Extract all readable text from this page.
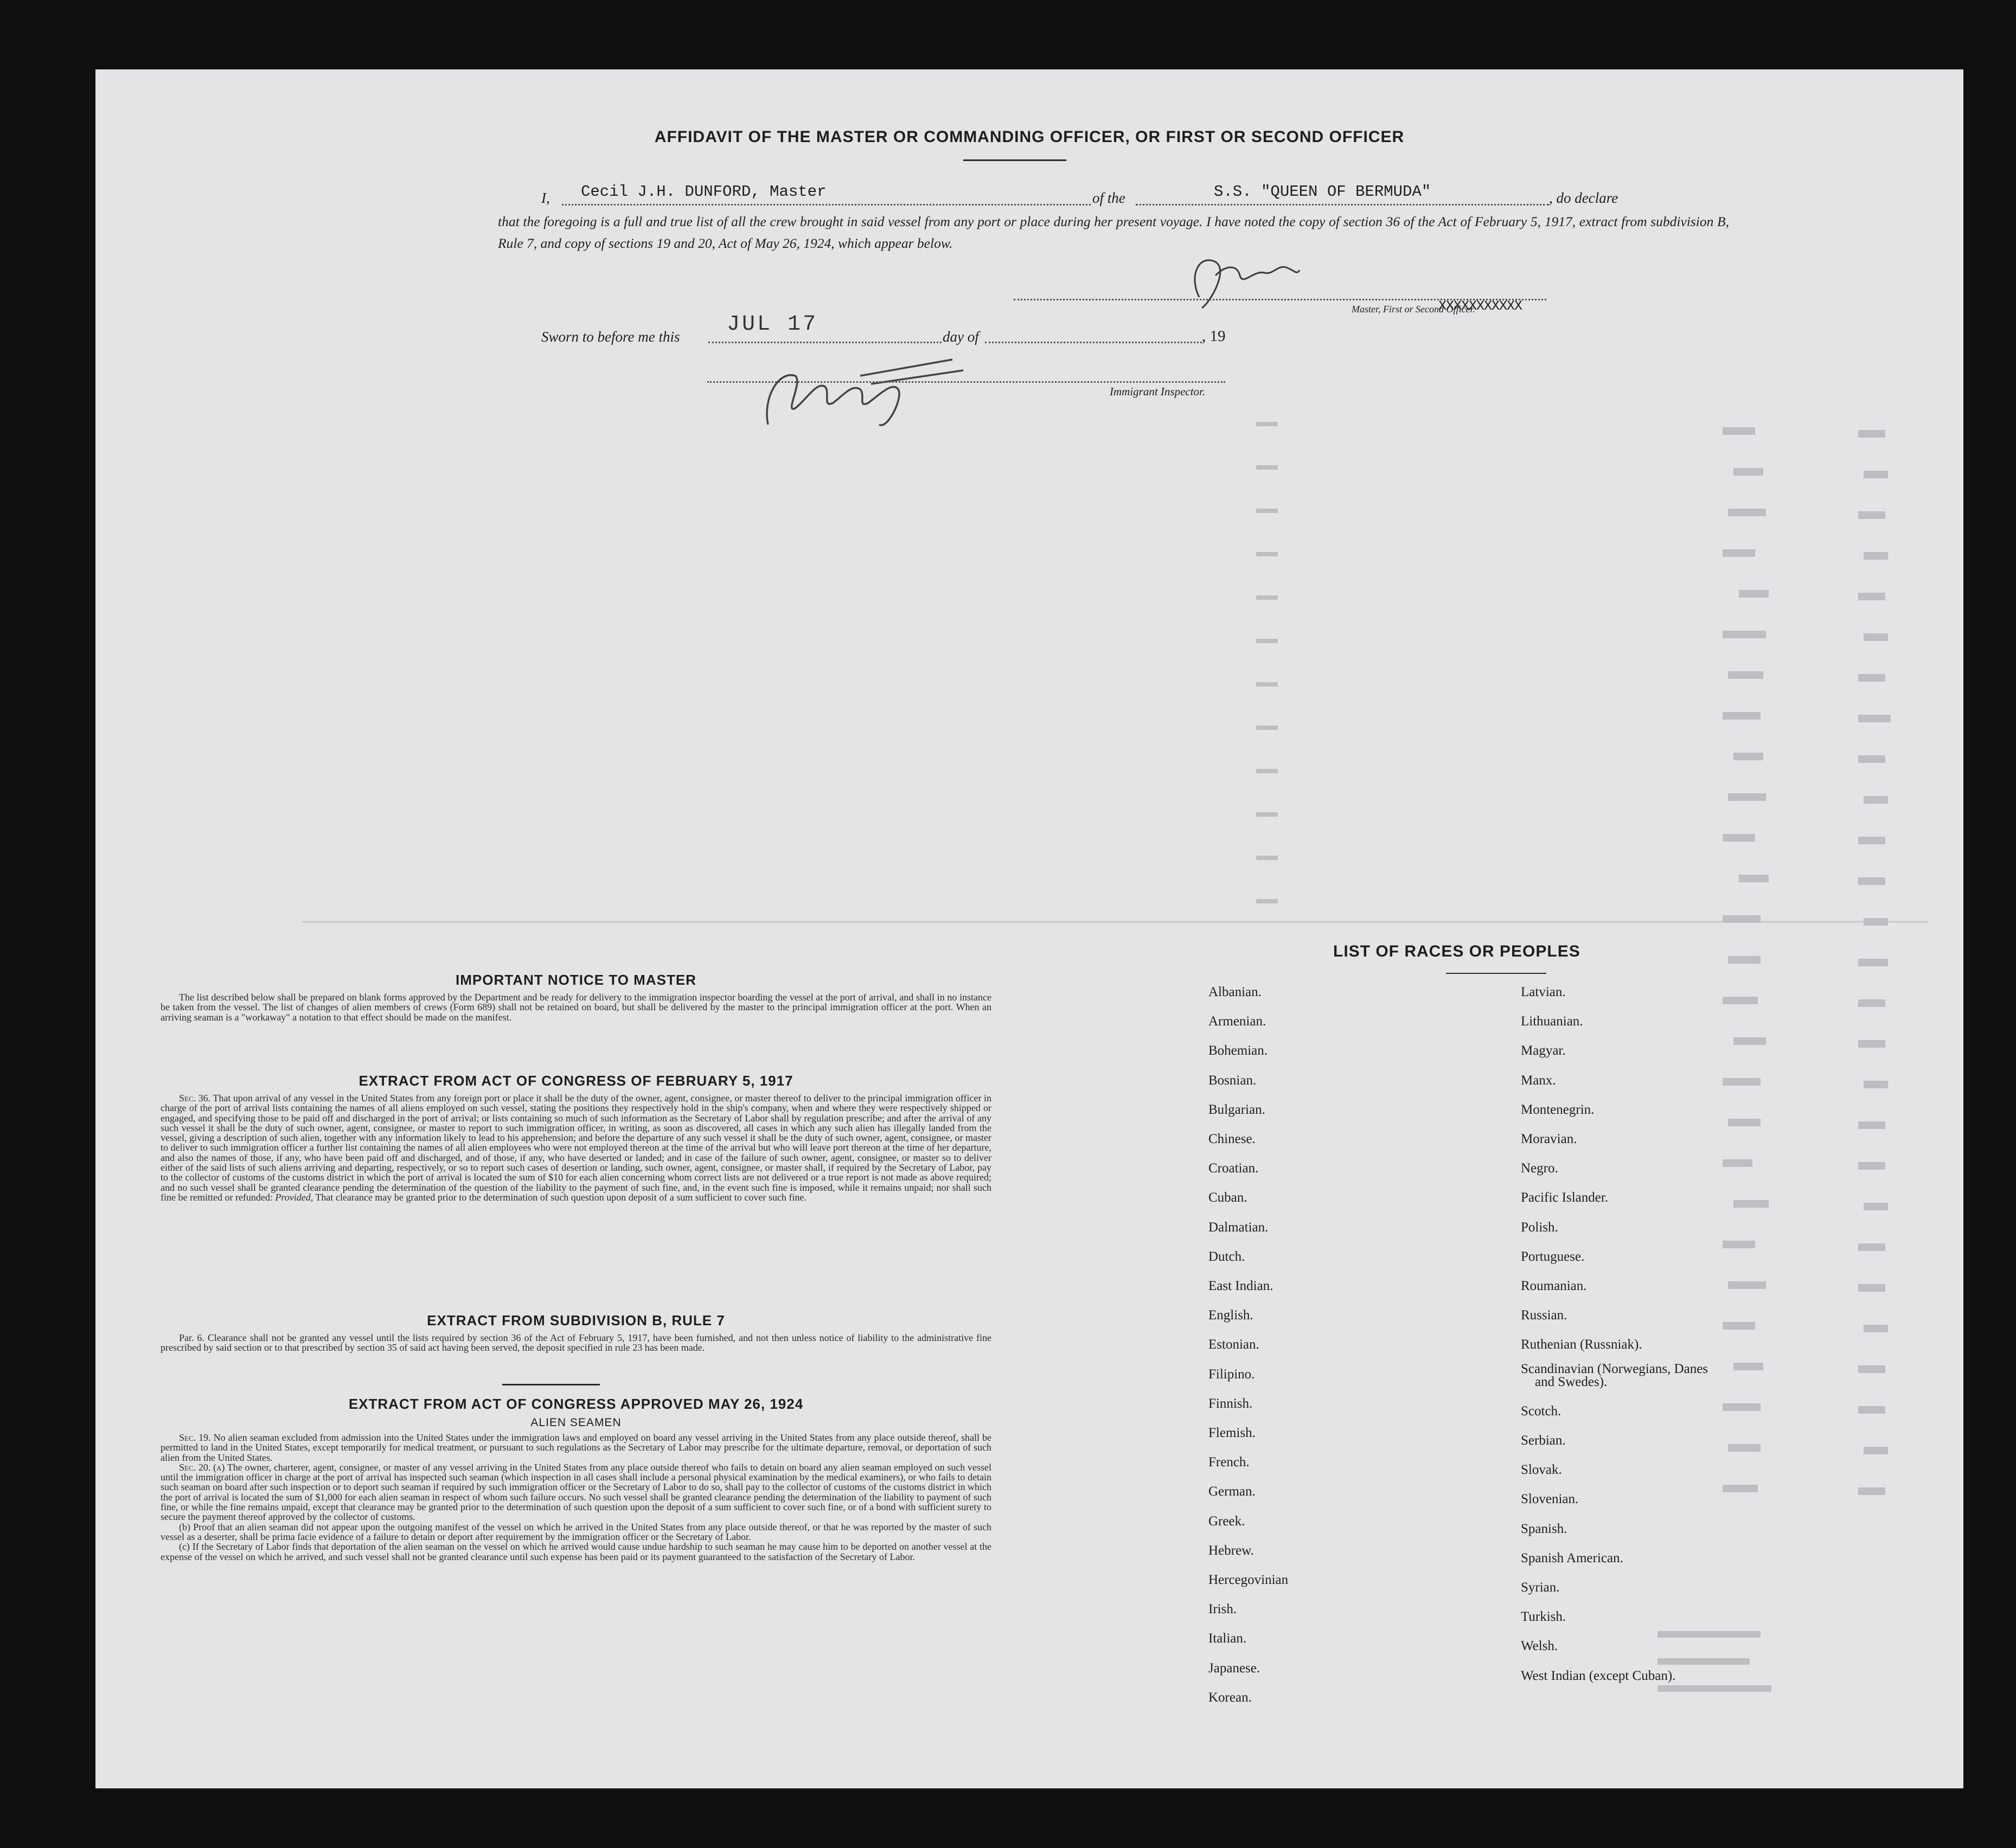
AFFIDAVIT OF THE MASTER OR COMMANDING OFFICER, OR FIRST OR SECOND OFFICER
I, Cecil J.H. DUNFORD, Master	of the	S.S. "QUEEN OF BERMUDA"	, do declare
that the foregoing is a full and true list of all the crew brought in said vessel from any port or place during her present voyage. I have noted the copy of section 36 of the Act of February 5, 1917, extract from subdivision B, Rule 7, and copy of sections 19 and 20, Act of May 26, 1924, which appear below.
Master, First or Second Officer.
XXXXXXXXXXX
Sworn to before me this JUL 17	day of	, 19
Immigrant Inspector.
IMPORTANT NOTICE TO MASTER

The list described below shall be prepared on blank forms approved by the Department and be ready for delivery to the immigration inspector boarding the vessel at the port of arrival, and shall in no instance be taken from the vessel. The list of changes of alien members of crews (Form 689) shall not be retained on board, but shall be delivered by the master to the principal immigration officer at the port. When an arriving seaman is a "workaway" a notation to that effect should be made on the manifest.

EXTRACT FROM ACT OF CONGRESS OF FEBRUARY 5, 1917

Sec. 36. That upon arrival of any vessel in the United States from any foreign port or place it shall be the duty of the owner, agent, consignee, or master thereof to deliver to the principal immigration officer in charge of the port of arrival lists containing the names of all aliens employed on such vessel, stating the positions they respectively hold in the ship's company, when and where they were respectively shipped or engaged, and specifying those to be paid off and discharged in the port of arrival; or lists containing so much of such information as the Secretary of Labor shall by regulation prescribe; and after the arrival of any such vessel it shall be the duty of such owner, agent, consignee, or master to report to such immigration officer, in writing, as soon as discovered, all cases in which any such alien has illegally landed from the vessel, giving a description of such alien, together with any information likely to lead to his apprehension; and before the departure of any such vessel it shall be the duty of such owner, agent, consignee, or master to deliver to such immigration officer a further list containing the names of all alien employees who were not employed thereon at the time of the arrival but who will leave port thereon at the time of her departure, and also the names of those, if any, who have been paid off and discharged, and of those, if any, who have deserted or landed; and in case of the failure of such owner, agent, consignee, or master so to deliver either of the said lists of such aliens arriving and departing, respectively, or so to report such cases of desertion or landing, such owner, agent, consignee, or master shall, if required by the Secretary of Labor, pay to the collector of customs of the customs district in which the port of arrival is located the sum of $10 for each alien concerning whom correct lists are not delivered or a true report is not made as above required; and no such vessel shall be granted clearance pending the determination of the question of the liability to the payment of such fine, and, in the event such fine is imposed, while it remains unpaid; nor shall such fine be remitted or refunded: Provided, That clearance may be granted prior to the determination of such question upon deposit of a sum sufficient to cover such fine.

EXTRACT FROM SUBDIVISION B, RULE 7

Par. 6. Clearance shall not be granted any vessel until the lists required by section 36 of the Act of February 5, 1917, have been furnished, and not then unless notice of liability to the administrative fine prescribed by said section or to that prescribed by section 35 of said act having been served, the deposit specified in rule 23 has been made.

EXTRACT FROM ACT OF CONGRESS APPROVED MAY 26, 1924
ALIEN SEAMEN

Sec. 19. No alien seaman excluded from admission into the United States under the immigration laws and employed on board any vessel arriving in the United States from any place outside thereof, shall be permitted to land in the United States, except temporarily for medical treatment, or pursuant to such regulations as the Secretary of Labor may prescribe for the ultimate departure, removal, or deportation of such alien from the United States.

Sec. 20. (a) The owner, charterer, agent, consignee, or master of any vessel arriving in the United States from any place outside thereof who fails to detain on board any alien seaman employed on such vessel until the immigration officer in charge at the port of arrival has inspected such seaman (which inspection in all cases shall include a personal physical examination by the medical examiners), or who fails to detain such seaman on board after such inspection or to deport such seaman if required by such immigration officer or the Secretary of Labor to do so, shall pay to the collector of customs of the customs district in which the port of arrival is located the sum of $1,000 for each alien seaman in respect of whom such failure occurs. No such vessel shall be granted clearance pending the determination of the liability to payment of such fine, or while the fine remains unpaid, except that clearance may be granted prior to the determination of such question upon the deposit of a sum sufficient to cover such fine, or of a bond with sufficient surety to secure the payment thereof approved by the collector of customs.

(b) Proof that an alien seaman did not appear upon the outgoing manifest of the vessel on which he arrived in the United States from any place outside thereof, or that he was reported by the master of such vessel as a deserter, shall be prima facie evidence of a failure to detain or deport after requirement by the immigration officer or the Secretary of Labor.

(c) If the Secretary of Labor finds that deportation of the alien seaman on the vessel on which he arrived would cause undue hardship to such seaman he may cause him to be deported on another vessel at the expense of the vessel on which he arrived, and such vessel shall not be granted clearance until such expense has been paid or its payment guaranteed to the satisfaction of the Secretary of Labor.

LIST OF RACES OR PEOPLES
Albanian.
Armenian.
Bohemian.
Bosnian.
Bulgarian.
Chinese.
Croatian.
Cuban.
Dalmatian.
Dutch.
East Indian.
English.
Estonian.
Filipino.
Finnish.
Flemish.
French.
German.
Greek.
Hebrew.
Hercegovinian
Irish.
Italian.
Japanese.
Korean.
Latvian.
Lithuanian.
Magyar.
Manx.
Montenegrin.
Moravian.
Negro.
Pacific Islander.
Polish.
Portuguese.
Roumanian.
Russian.
Ruthenian (Russniak).
Scandinavian (Norwegians, Danes and Swedes).
Scotch.
Serbian.
Slovak.
Slovenian.
Spanish.
Spanish American.
Syrian.
Turkish.
Welsh.
West Indian (except Cuban).
